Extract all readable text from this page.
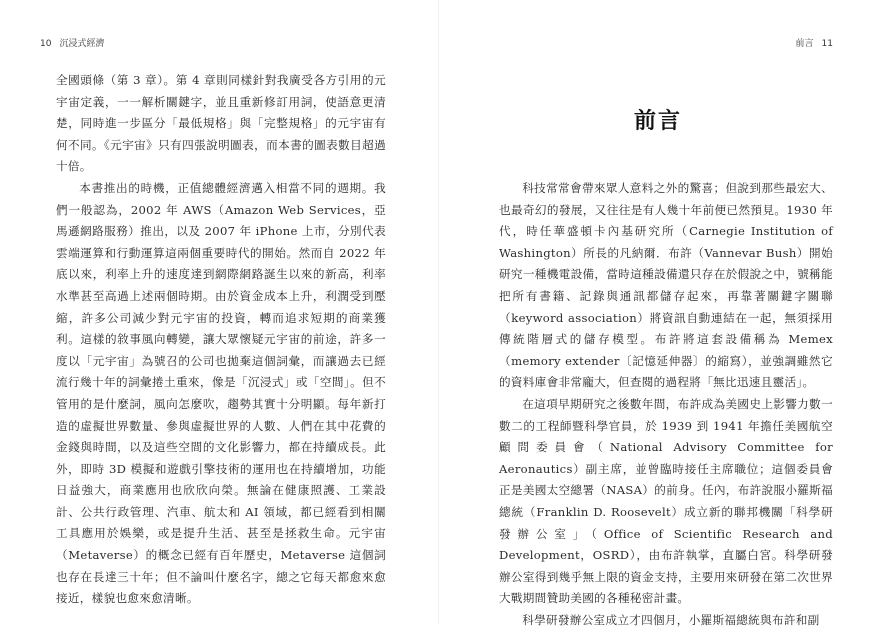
10 沉浸式經濟

全國頭條（第 3 章）。第 4 章則同樣針對我廣受各方引用的元宇宙定義，一一解析關鍵字，並且重新修訂用詞，使語意更清楚，同時進一步區分「最低規格」與「完整規格」的元宇宙有何不同。《元宇宙》只有四張說明圖表，而本書的圖表數目超過十倍。

本書推出的時機，正值總體經濟邁入相當不同的週期。我們一般認為，2002 年 AWS（Amazon Web Services，亞馬遜網路服務）推出，以及 2007 年 iPhone 上市，分別代表雲端運算和行動運算這兩個重要時代的開始。然而自 2022 年底以來，利率上升的速度達到網際網路誕生以來的新高，利率水準甚至高過上述兩個時期。由於資金成本上升，利潤受到壓縮，許多公司減少對元宇宙的投資，轉而追求短期的商業獲利。這樣的敘事風向轉變，讓大眾懷疑元宇宙的前途，許多一度以「元宇宙」為號召的公司也拋棄這個詞彙，而讓過去已經流行幾十年的詞彙捲土重來，像是「沉浸式」或「空間」。但不管用的是什麼詞，風向怎麼吹，趨勢其實十分明顯。每年新打造的虛擬世界數量、參與虛擬世界的人數、人們在其中花費的金錢與時間，以及這些空間的文化影響力，都在持續成長。此外，即時 3D 模擬和遊戲引擎技術的運用也在持續增加，功能日益強大，商業應用也欣欣向榮。無論在健康照護、工業設計、公共行政管理、汽車、航太和 AI 領域，都已經看到相關工具應用於娛樂，或是提升生活、甚至是拯救生命。元宇宙（Metaverse）的概念已經有百年歷史，Metaverse 這個詞也存在長達三十年；但不論叫什麼名字，總之它每天都愈來愈接近，樣貌也愈來愈清晰。

前言 11
前言

科技常常會帶來眾人意料之外的驚喜；但說到那些最宏大、也最奇幻的發展，又往往是有人幾十年前便已然預見。1930 年代，時任華盛頓卡內基研究所（Carnegie Institution of Washington）所長的凡納爾．布許（Vannevar Bush）開始研究一種機電設備，當時這種設備還只存在於假說之中，號稱能把所有書籍、記錄與通訊都儲存起來，再靠著關鍵字關聯（keyword association）將資訊自動連結在一起，無須採用傳統階層式的儲存模型。布許將這套設備稱為 Memex（memory extender〔記憶延伸器〕的縮寫），並強調雖然它的資料庫會非常龐大，但查閱的過程將「無比迅速且靈活」。

在這項早期研究之後數年間，布許成為美國史上影響力數一數二的工程師暨科學官員，於 1939 到 1941 年擔任美國航空顧問委員會（National Advisory Committee for Aeronautics）副主席，並曾臨時接任主席職位；這個委員會正是美國太空總署（NASA）的前身。任內，布許說服小羅斯福總統（Franklin D. Roosevelt）成立新的聯邦機關「科學研發辦公室」（Office of Scientific Research and Development，OSRD），由布許執掌，直屬白宮。科學研發辦公室得到幾乎無上限的資金支持，主要用來研發在第二次世界大戰期間贊助美國的各種秘密計畫。

科學研發辦公室成立才四個月，小羅斯福總統與布許和副
